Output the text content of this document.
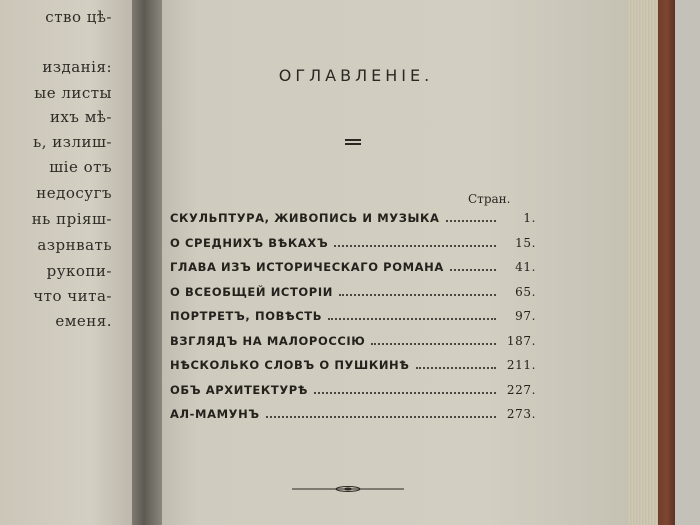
ство цѣ-
изданія:
ые листы
ихъ мѣ-
ь, излиш-
шіе отъ
недосугъ
нь пріяш-
азрнвать
рукопи-
что чита-
еменя.
ОГЛАВЛЕНІЕ.
Стран.
СКУЛЬПТУРА, ЖИВОПИСЬ И МУЗЫКА	1.
О СРЕДНИХЪ ВѢКАХЪ	15.
ГЛАВА ИЗЪ ИСТОРИЧЕСКАГО РОМАНА	41.
О ВСЕОБЩЕЙ ИСТОРІИ	65.
ПОРТРЕТЪ, ПОВѢСТЬ	97.
ВЗГЛЯДЪ НА МАЛОРОССІЮ	187.
НѢСКОЛЬКО СЛОВЪ О ПУШКИНѢ	211.
ОБЪ АРХИТЕКТУРѢ	227.
АЛ-МАМУНЪ	273.
